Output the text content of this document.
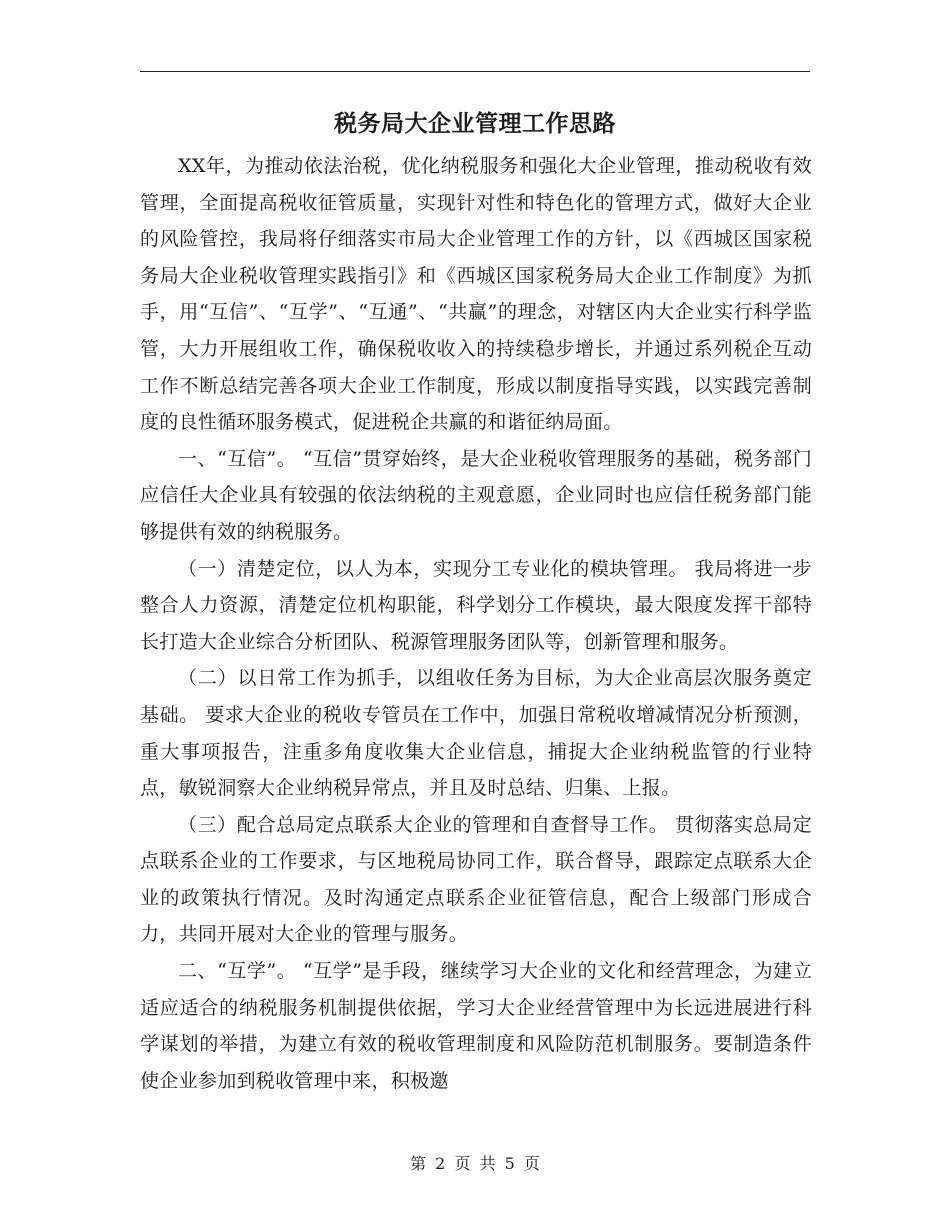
税务局大企业管理工作思路

XX年，为推动依法治税，优化纳税服务和强化大企业管理，推动税收有效管理，全面提高税收征管质量，实现针对性和特色化的管理方式，做好大企业的风险管控，我局将仔细落实市局大企业管理工作的方针，以《西城区国家税务局大企业税收管理实践指引》和《西城区国家税务局大企业工作制度》为抓手，用“互信”、“互学”、“互通”、“共赢”的理念，对辖区内大企业实行科学监管，大力开展组收工作，确保税收收入的持续稳步增长，并通过系列税企互动工作不断总结完善各项大企业工作制度，形成以制度指导实践，以实践完善制度的良性循环服务模式，促进税企共赢的和谐征纳局面。

一、“互信”。 “互信”贯穿始终，是大企业税收管理服务的基础，税务部门应信任大企业具有较强的依法纳税的主观意愿，企业同时也应信任税务部门能够提供有效的纳税服务。

（一）清楚定位，以人为本，实现分工专业化的模块管理。 我局将进一步整合人力资源，清楚定位机构职能，科学划分工作模块，最大限度发挥干部特长打造大企业综合分析团队、税源管理服务团队等，创新管理和服务。

（二）以日常工作为抓手，以组收任务为目标，为大企业高层次服务奠定基础。 要求大企业的税收专管员在工作中，加强日常税收增减情况分析预测，重大事项报告，注重多角度收集大企业信息，捕捉大企业纳税监管的行业特点，敏锐洞察大企业纳税异常点，并且及时总结、归集、上报。

（三）配合总局定点联系大企业的管理和自查督导工作。 贯彻落实总局定点联系企业的工作要求，与区地税局协同工作，联合督导，跟踪定点联系大企业的政策执行情况。及时沟通定点联系企业征管信息，配合上级部门形成合力，共同开展对大企业的管理与服务。

二、“互学”。 “互学”是手段，继续学习大企业的文化和经营理念，为建立适应适合的纳税服务机制提供依据，学习大企业经营管理中为长远进展进行科学谋划的举措，为建立有效的税收管理制度和风险防范机制服务。要制造条件使企业参加到税收管理中来，积极邀

第 2 页 共 5 页
